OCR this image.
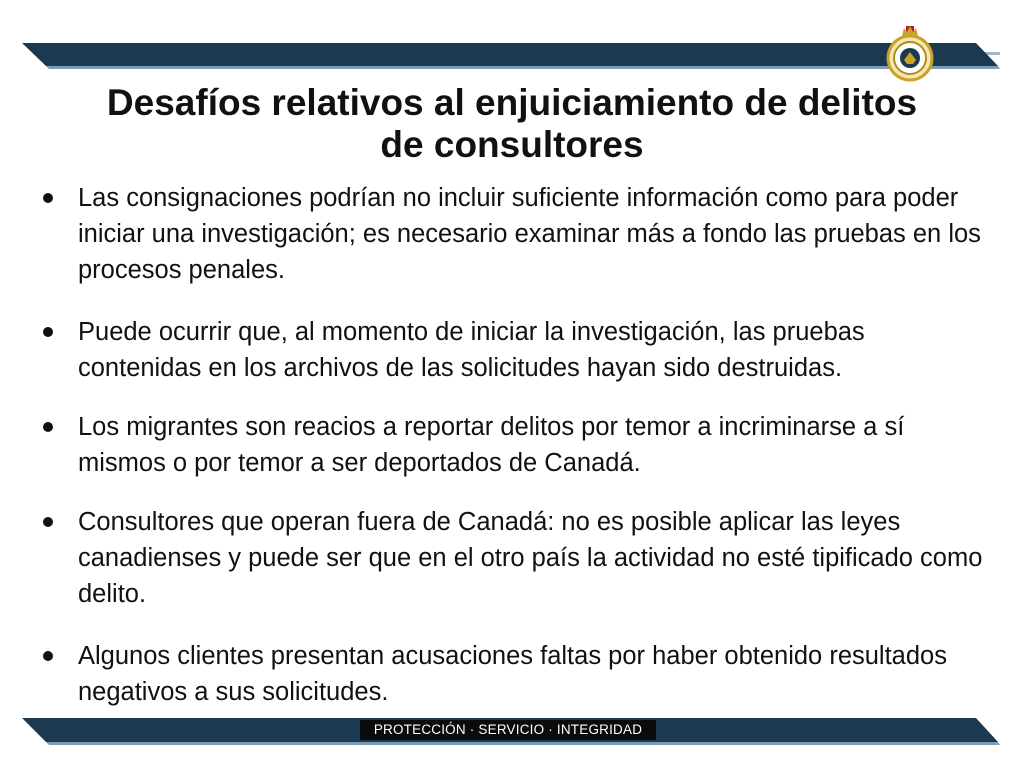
Desafíos relativos al enjuiciamiento de delitos
de consultores
Las consignaciones podrían no incluir suficiente información como para poder iniciar una investigación; es necesario examinar más a fondo las pruebas en los procesos penales.
Puede ocurrir que, al momento de iniciar la investigación, las pruebas contenidas en los archivos de las solicitudes hayan sido destruidas.
Los migrantes son reacios a reportar delitos por temor a incriminarse a sí mismos o por temor a ser deportados de Canadá.
Consultores que operan fuera de Canadá: no es posible aplicar las leyes canadienses y puede ser que en el otro país la actividad no esté tipificado como delito.
Algunos clientes presentan acusaciones faltas por haber obtenido resultados negativos a sus solicitudes.
PROTECCIÓN · SERVICIO · INTEGRIDAD
